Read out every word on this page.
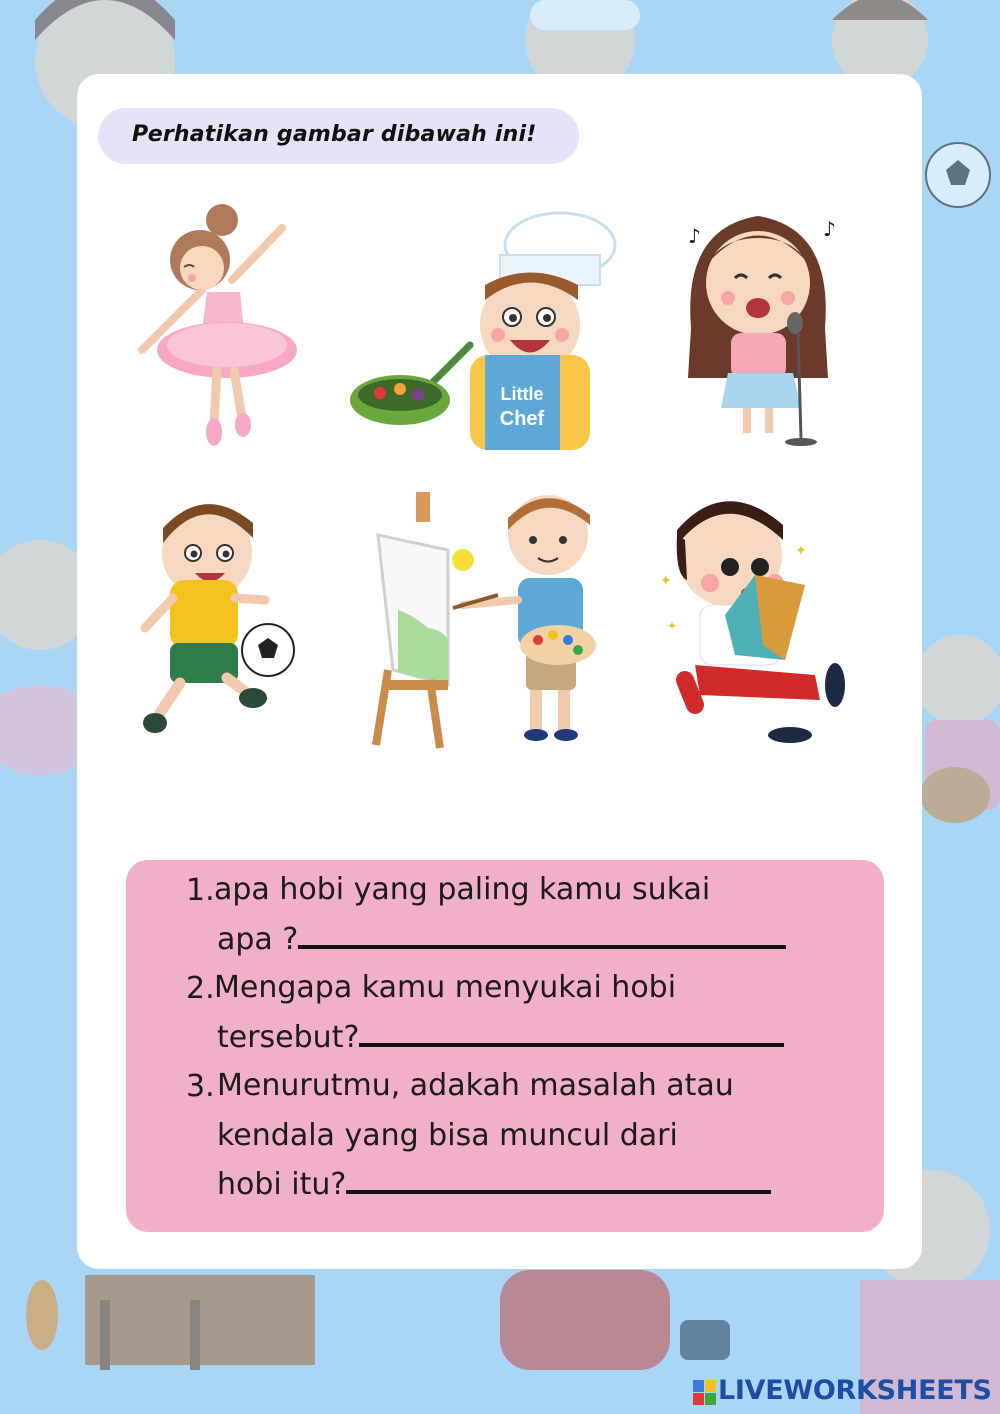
Perhatikan gambar dibawah ini!
Little
Chef
♪	♪
✦
✦
✦
1. apa hobi yang paling kamu sukai
apa ?
2. Mengapa kamu menyukai hobi
tersebut?
3. Menurutmu, adakah masalah atau
kendala yang bisa muncul dari
hobi itu?
LIVEWORKSHEETS
